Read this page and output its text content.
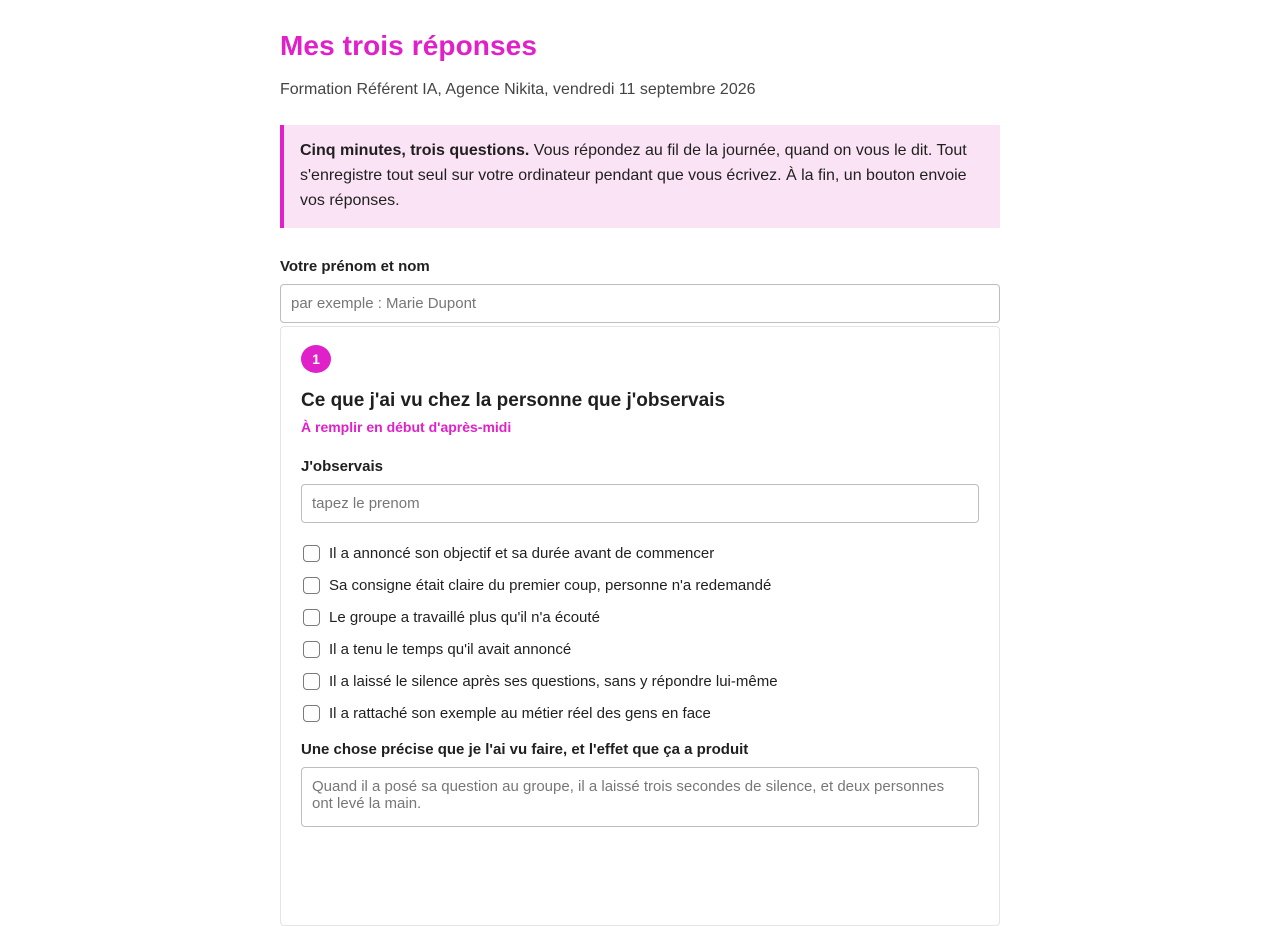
Mes trois réponses
Formation Référent IA, Agence Nikita, vendredi 11 septembre 2026
Cinq minutes, trois questions. Vous répondez au fil de la journée, quand on vous le dit. Tout s'enregistre tout seul sur votre ordinateur pendant que vous écrivez. À la fin, un bouton envoie vos réponses.
Votre prénom et nom
par exemple : Marie Dupont
1
Ce que j'ai vu chez la personne que j'observais
À remplir en début d'après-midi
J'observais
tapez le prenom
Il a annoncé son objectif et sa durée avant de commencer
Sa consigne était claire du premier coup, personne n'a redemandé
Le groupe a travaillé plus qu'il n'a écouté
Il a tenu le temps qu'il avait annoncé
Il a laissé le silence après ses questions, sans y répondre lui-même
Il a rattaché son exemple au métier réel des gens en face
Une chose précise que je l'ai vu faire, et l'effet que ça a produit
Quand il a posé sa question au groupe, il a laissé trois secondes de silence, et deux personnes ont levé la main.
